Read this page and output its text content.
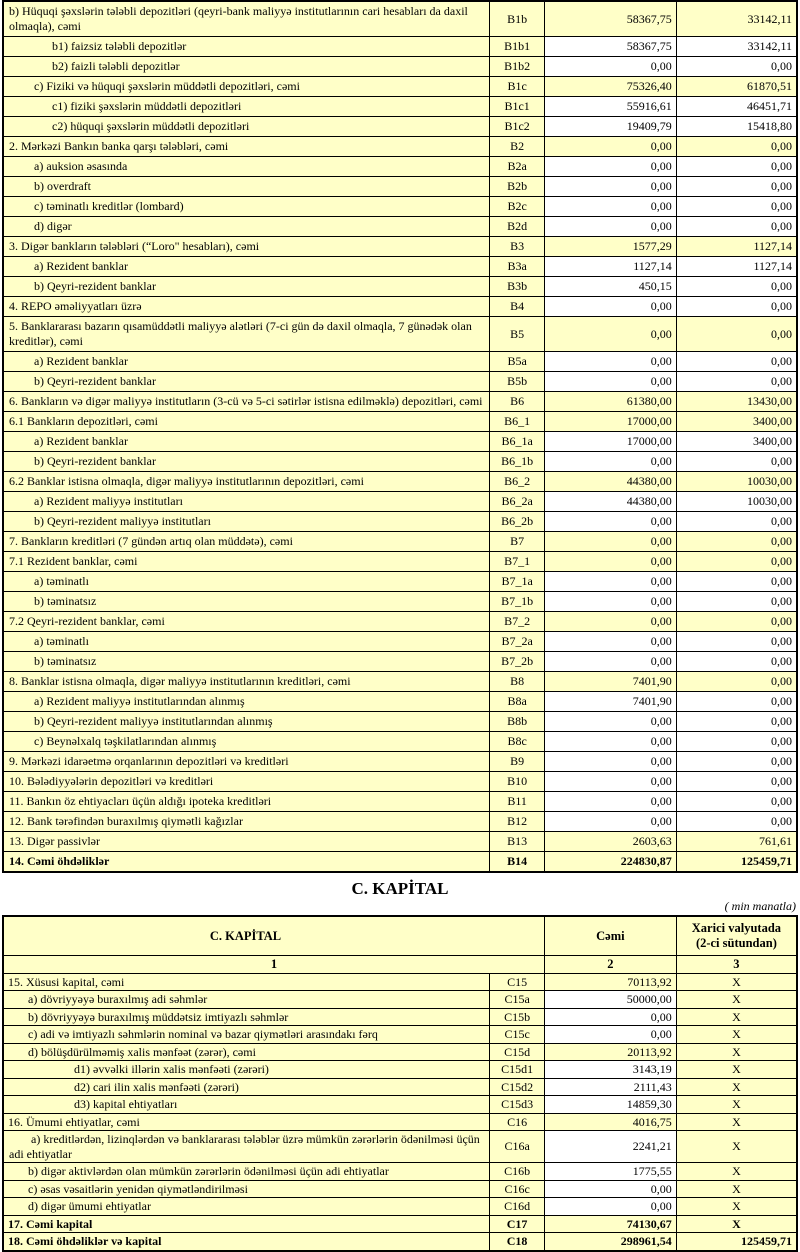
b) Hüquqi şəxslərin tələbli depozitləri (qeyri-bank maliyyə institutlarının cari hesabları da daxil olmaqla), cəmi	B1b	58367,75	33142,11
b1) faizsiz tələbli depozitlər	B1b1	58367,75	33142,11
b2) faizli tələbli depozitlər	B1b2	0,00	0,00
c) Fiziki və hüquqi şəxslərin müddətli depozitləri, cəmi	B1c	75326,40	61870,51
c1) fiziki şəxslərin müddətli depozitləri	B1c1	55916,61	46451,71
c2) hüquqi şəxslərin müddətli depozitləri	B1c2	19409,79	15418,80
2. Mərkəzi Bankın banka qarşı tələbləri, cəmi	B2	0,00	0,00
a) auksion əsasında	B2a	0,00	0,00
b) overdraft	B2b	0,00	0,00
c) təminatlı kreditlər (lombard)	B2c	0,00	0,00
d) digər	B2d	0,00	0,00
3. Digər bankların tələbləri (“Loro" hesabları), cəmi	B3	1577,29	1127,14
a) Rezident banklar	B3a	1127,14	1127,14
b) Qeyri-rezident banklar	B3b	450,15	0,00
4. REPO əməliyyatları üzrə	B4	0,00	0,00
5. Banklararası bazarın qısamüddətli maliyyə alətləri (7-ci gün də daxil olmaqla, 7 günədək olan kreditlər), cəmi	B5	0,00	0,00
a) Rezident banklar	B5a	0,00	0,00
b) Qeyri-rezident banklar	B5b	0,00	0,00
6. Bankların və digər maliyyə institutların (3-cü və 5-ci sətirlər istisna edilməklə) depozitləri, cəmi	B6	61380,00	13430,00
6.1 Bankların depozitləri, cəmi	B6_1	17000,00	3400,00
a) Rezident banklar	B6_1a	17000,00	3400,00
b) Qeyri-rezident banklar	B6_1b	0,00	0,00
6.2 Banklar istisna olmaqla, digər maliyyə institutlarının depozitləri, cəmi	B6_2	44380,00	10030,00
a) Rezident maliyyə institutları	B6_2a	44380,00	10030,00
b) Qeyri-rezident maliyyə institutları	B6_2b	0,00	0,00
7. Bankların kreditləri (7 gündən artıq olan müddətə), cəmi	B7	0,00	0,00
7.1 Rezident banklar, cəmi	B7_1	0,00	0,00
a) təminatlı	B7_1a	0,00	0,00
b) təminatsız	B7_1b	0,00	0,00
7.2 Qeyri-rezident banklar, cəmi	B7_2	0,00	0,00
a) təminatlı	B7_2a	0,00	0,00
b) təminatsız	B7_2b	0,00	0,00
8. Banklar istisna olmaqla, digər maliyyə institutlarının kreditləri, cəmi	B8	7401,90	0,00
a) Rezident maliyyə institutlarından alınmış	B8a	7401,90	0,00
b) Qeyri-rezident maliyyə institutlarından alınmış	B8b	0,00	0,00
c) Beynəlxalq təşkilatlarından alınmış	B8c	0,00	0,00
9. Mərkəzi idarəetmə orqanlarının depozitləri və kreditləri	B9	0,00	0,00
10. Bələdiyyələrin depozitləri və kreditləri	B10	0,00	0,00
11. Bankın öz ehtiyacları üçün aldığı ipoteka kreditləri	B11	0,00	0,00
12. Bank tərəfindən buraxılmış qiymətli kağızlar	B12	0,00	0,00
13. Digər passivlər	B13	2603,63	761,61
14. Cəmi öhdəliklər	B14	224830,87	125459,71
C. KAPİTAL
( min manatla)
C. KAPİTAL		Cəmi	Xarici valyutada
(2-ci sütundan)
1		2	3
15. Xüsusi kapital, cəmi	C15	70113,92	X
a) dövriyyəyə buraxılmış adi səhmlər	C15a	50000,00	X
b) dövriyyəyə buraxılmış müddətsiz imtiyazlı səhmlər	C15b	0,00	X
c) adi və imtiyazlı səhmlərin nominal və bazar qiymətləri arasındakı fərq	C15c	0,00	X
d) bölüşdürülməmiş xalis mənfəət (zərər), cəmi	C15d	20113,92	X
d1) əvvəlki illərin xalis mənfəəti (zərəri)	C15d1	3143,19	X
d2) cari ilin xalis mənfəəti (zərəri)	C15d2	2111,43	X
d3) kapital ehtiyatları	C15d3	14859,30	X
16. Ümumi ehtiyatlar, cəmi	C16	4016,75	X
a) kreditlərdən, lizinqlərdən və banklararası tələblər üzrə mümkün zərərlərin ödənilməsi üçün adi ehtiyatlar	C16a	2241,21	X
b) digər aktivlərdən olan mümkün zərərlərin ödənilməsi üçün adi ehtiyatlar	C16b	1775,55	X
c) əsas vəsaitlərin yenidən qiymətləndirilməsi	C16c	0,00	X
d) digər ümumi ehtiyatlar	C16d	0,00	X
17. Cəmi kapital	C17	74130,67	X
18. Cəmi öhdəliklər və kapital	C18	298961,54	125459,71
